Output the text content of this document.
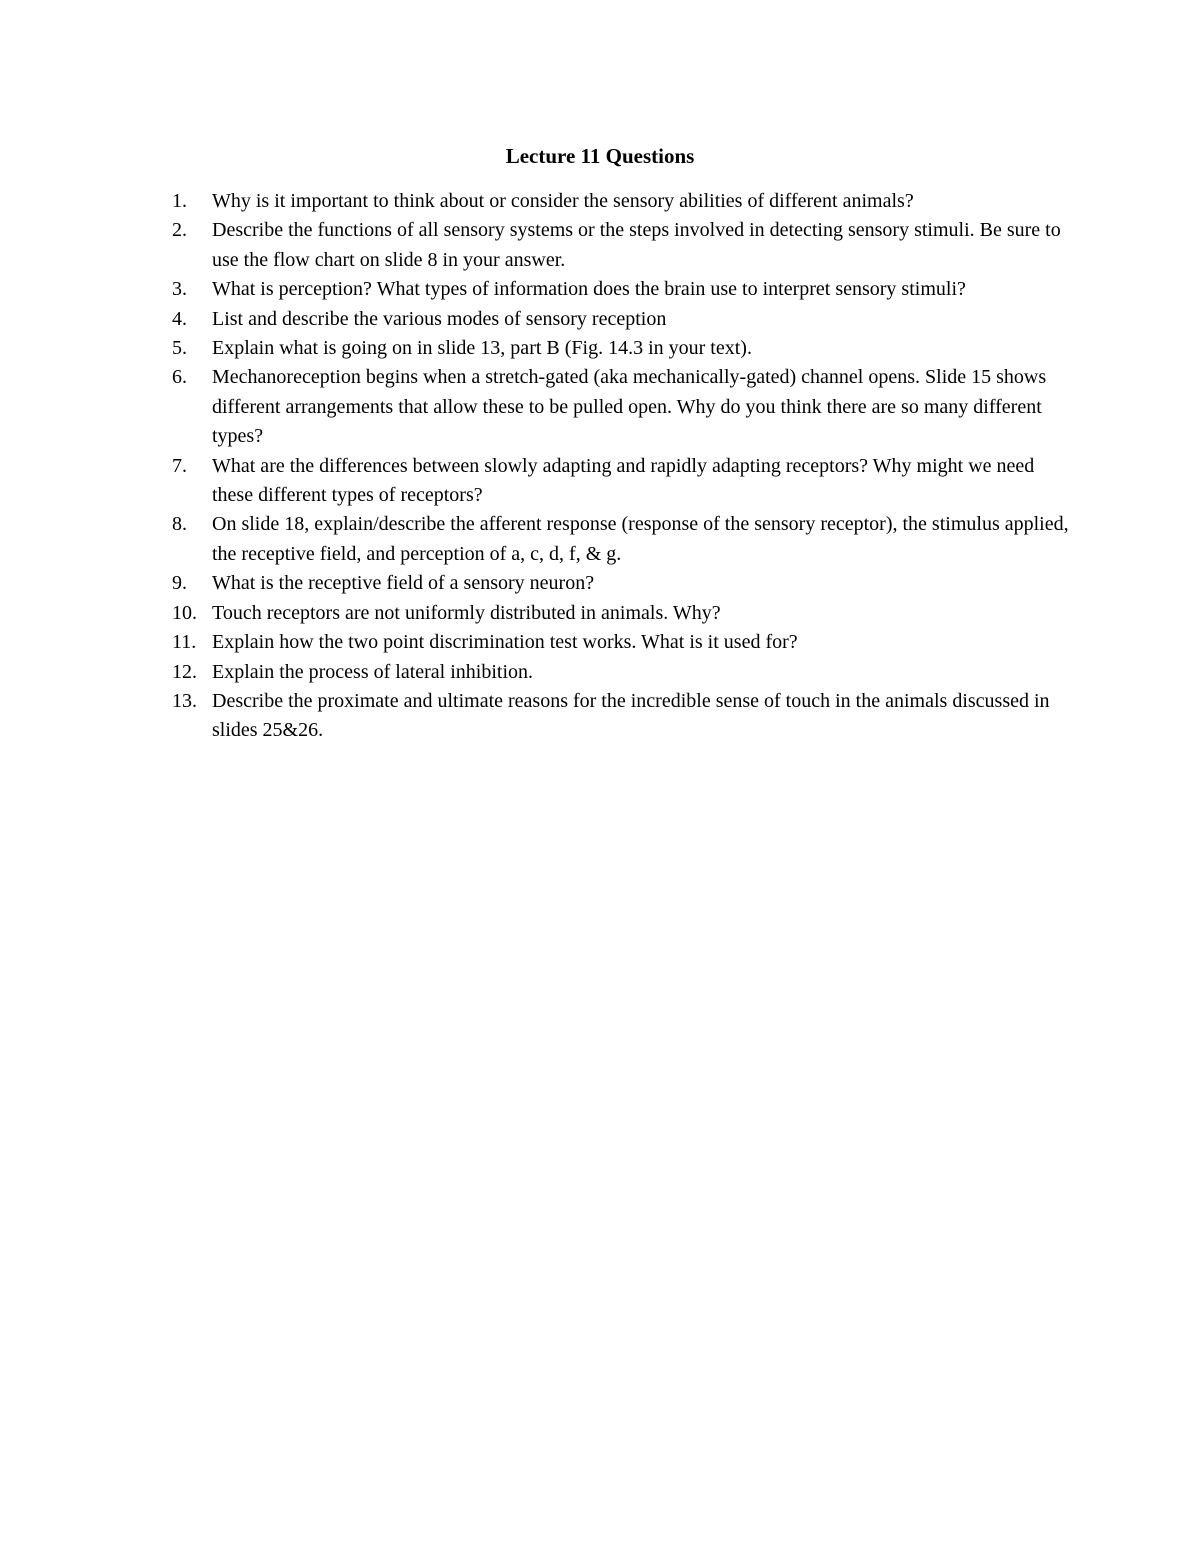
Lecture 11 Questions
1.	Why is it important to think about or consider the sensory abilities of different animals?
2.	Describe the functions of all sensory systems or the steps involved in detecting sensory stimuli. Be sure to use the flow chart on slide 8 in your answer.
3.	What is perception? What types of information does the brain use to interpret sensory stimuli?
4.	List and describe the various modes of sensory reception
5.	Explain what is going on in slide 13, part B (Fig. 14.3 in your text).
6.	Mechanoreception begins when a stretch-gated (aka mechanically-gated) channel opens. Slide 15 shows different arrangements that allow these to be pulled open. Why do you think there are so many different types?
7.	What are the differences between slowly adapting and rapidly adapting receptors? Why might we need these different types of receptors?
8.	On slide 18, explain/describe the afferent response (response of the sensory receptor), the stimulus applied, the receptive field, and perception of a, c, d, f, & g.
9.	What is the receptive field of a sensory neuron?
10. Touch receptors are not uniformly distributed in animals. Why?
11. Explain how the two point discrimination test works. What is it used for?
12. Explain the process of lateral inhibition.
13. Describe the proximate and ultimate reasons for the incredible sense of touch in the animals discussed in slides 25&26.
